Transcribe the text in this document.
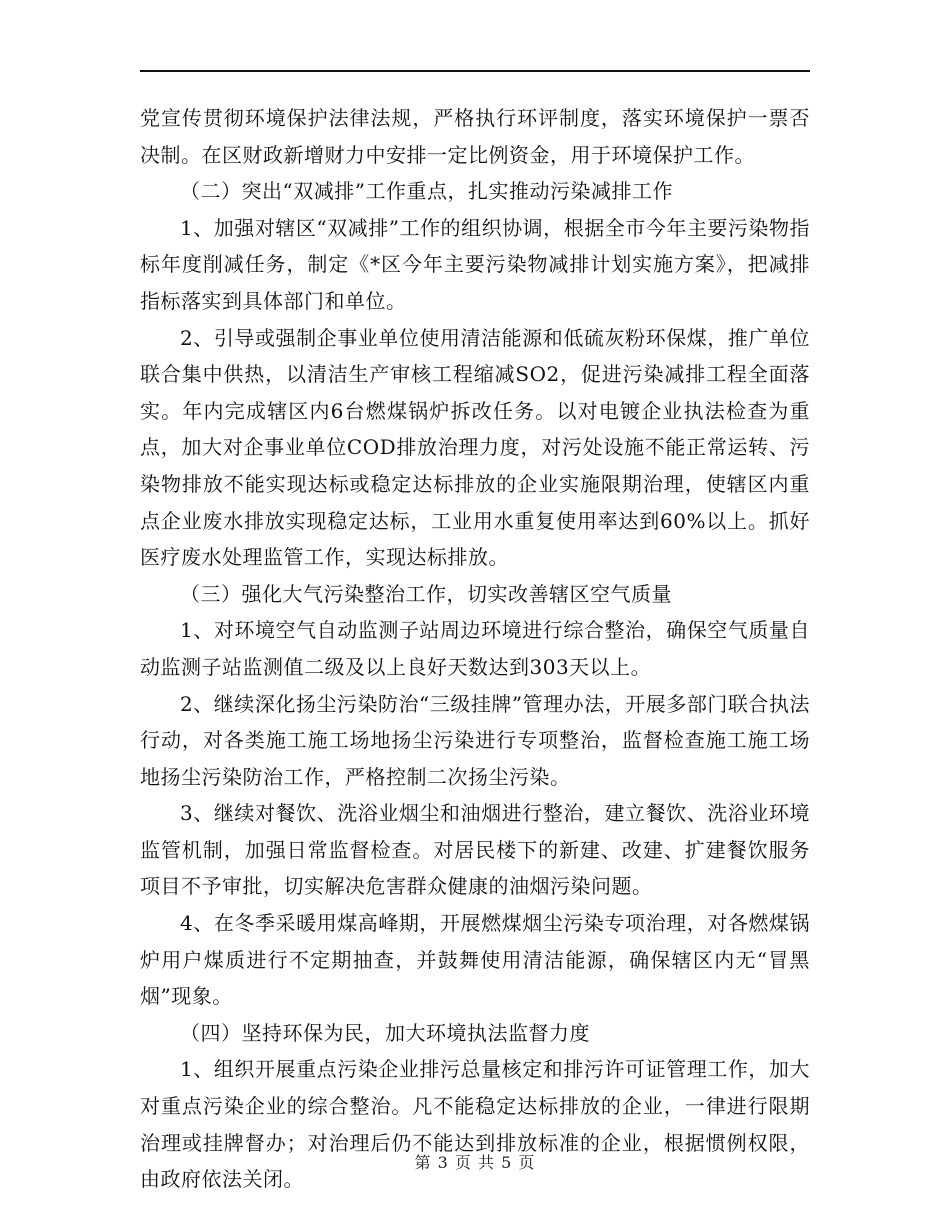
党宣传贯彻环境保护法律法规，严格执行环评制度，落实环境保护一票否决制。在区财政新增财力中安排一定比例资金，用于环境保护工作。

（二）突出“双减排”工作重点，扎实推动污染减排工作

1、加强对辖区“双减排”工作的组织协调，根据全市今年主要污染物指标年度削减任务，制定《*区今年主要污染物减排计划实施方案》，把减排指标落实到具体部门和单位。

2、引导或强制企事业单位使用清洁能源和低硫灰粉环保煤，推广单位联合集中供热，以清洁生产审核工程缩减SO2，促进污染减排工程全面落实。年内完成辖区内6台燃煤锅炉拆改任务。以对电镀企业执法检查为重点，加大对企事业单位COD排放治理力度，对污处设施不能正常运转、污染物排放不能实现达标或稳定达标排放的企业实施限期治理，使辖区内重点企业废水排放实现稳定达标，工业用水重复使用率达到60%以上。抓好医疗废水处理监管工作，实现达标排放。

（三）强化大气污染整治工作，切实改善辖区空气质量

1、对环境空气自动监测子站周边环境进行综合整治，确保空气质量自动监测子站监测值二级及以上良好天数达到303天以上。

2、继续深化扬尘污染防治“三级挂牌”管理办法，开展多部门联合执法行动，对各类施工施工场地扬尘污染进行专项整治，监督检查施工施工场地扬尘污染防治工作，严格控制二次扬尘污染。

3、继续对餐饮、洗浴业烟尘和油烟进行整治，建立餐饮、洗浴业环境监管机制，加强日常监督检查。对居民楼下的新建、改建、扩建餐饮服务项目不予审批，切实解决危害群众健康的油烟污染问题。

4、在冬季采暖用煤高峰期，开展燃煤烟尘污染专项治理，对各燃煤锅炉用户煤质进行不定期抽查，并鼓舞使用清洁能源，确保辖区内无“冒黑烟”现象。

（四）坚持环保为民，加大环境执法监督力度

1、组织开展重点污染企业排污总量核定和排污许可证管理工作，加大对重点污染企业的综合整治。凡不能稳定达标排放的企业，一律进行限期治理或挂牌督办；对治理后仍不能达到排放标准的企业，根据惯例权限，由政府依法关闭。

第 3 页 共 5 页
